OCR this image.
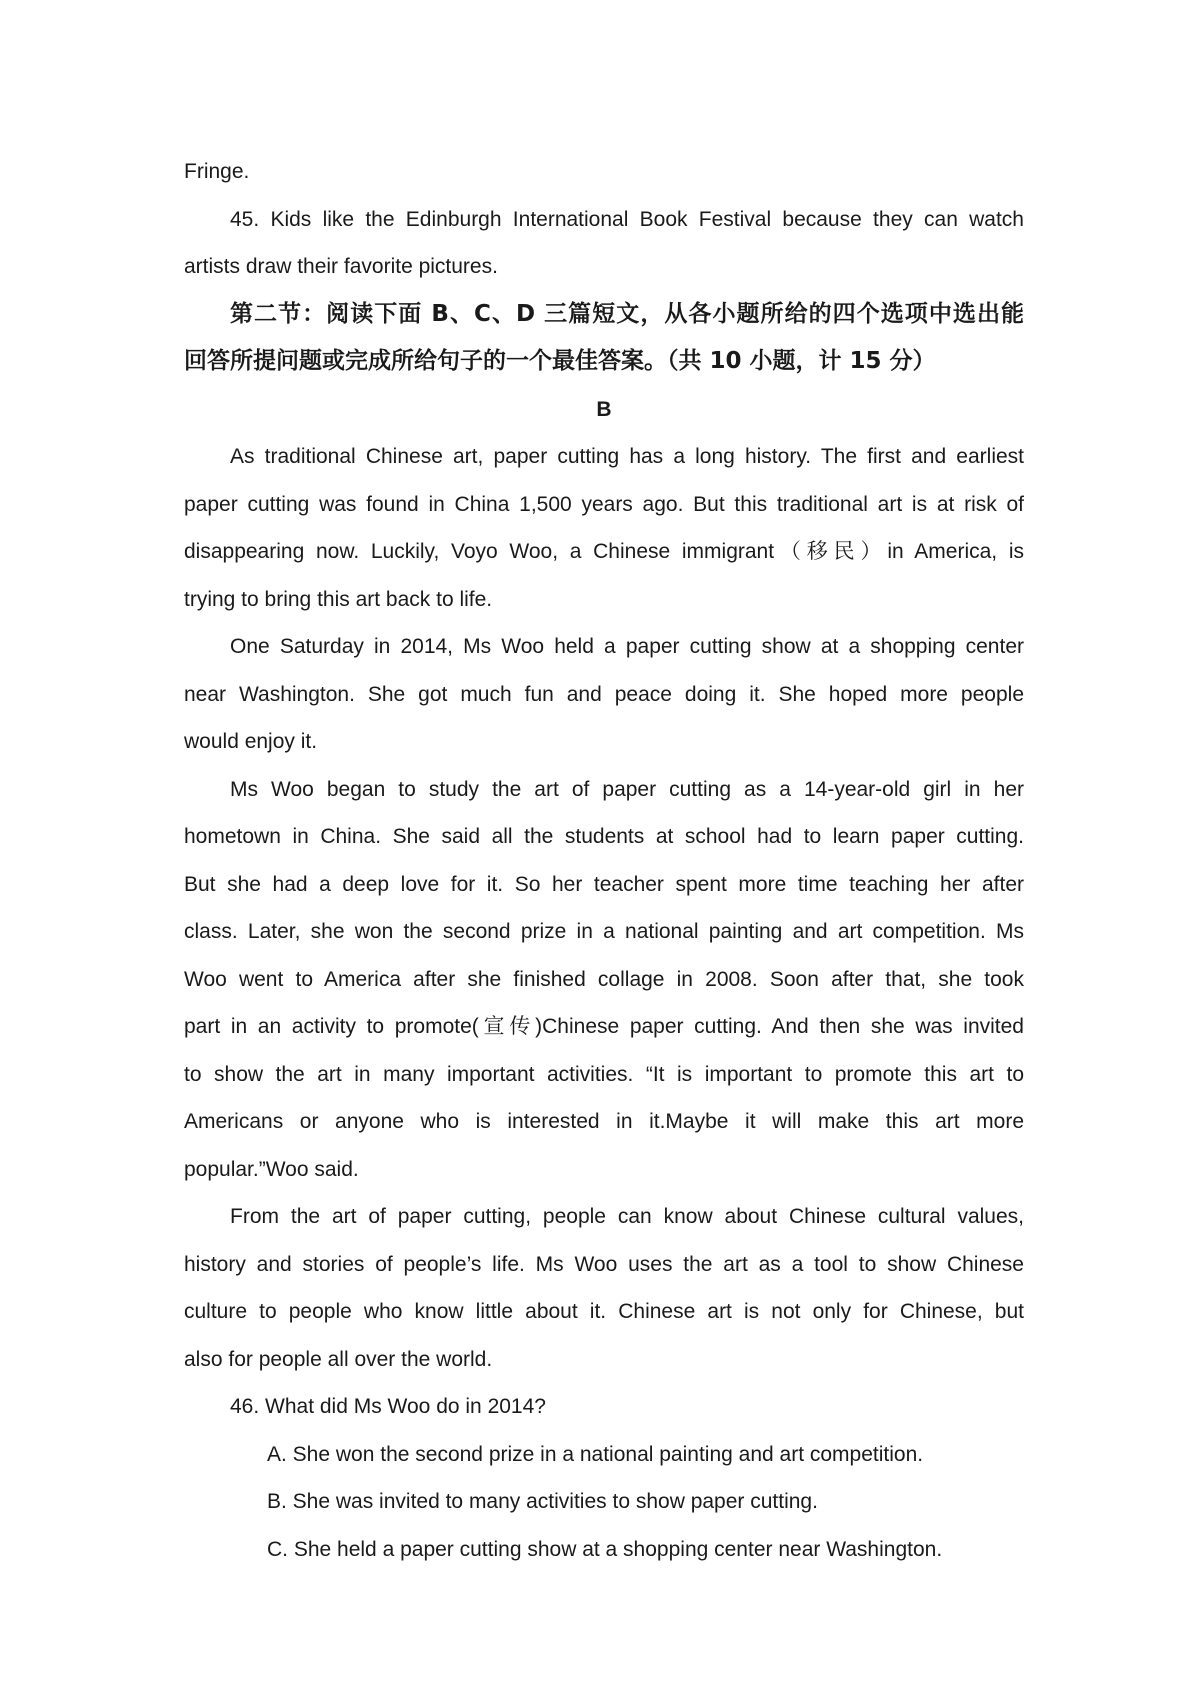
Fringe.

45. Kids like the Edinburgh International Book Festival because they can watch

artists draw their favorite pictures.

第二节：阅读下面 B、C、D 三篇短文，从各小题所给的四个选项中选出能

回答所提问题或完成所给句子的一个最佳答案。（共 10 小题，计 15 分）

B

As traditional Chinese art, paper cutting has a long history. The first and earliest

paper cutting was found in China 1,500 years ago. But this traditional art is at risk of

disappearing now. Luckily, Voyo Woo, a Chinese immigrant（移民）in America, is

trying to bring this art back to life.

One Saturday in 2014, Ms Woo held a paper cutting show at a shopping center

near Washington. She got much fun and peace doing it. She hoped more people

would enjoy it.

Ms Woo began to study the art of paper cutting as a 14-year-old girl in her

hometown in China. She said all the students at school had to learn paper cutting.

But she had a deep love for it. So her teacher spent more time teaching her after

class. Later, she won the second prize in a national painting and art competition. Ms

Woo went to America after she finished collage in 2008. Soon after that, she took

part in an activity to promote(宣传)Chinese paper cutting. And then she was invited

to show the art in many important activities. “It is important to promote this art to

Americans or anyone who is interested in it.Maybe it will make this art more

popular.”Woo said.

From the art of paper cutting, people can know about Chinese cultural values,

history and stories of people’s life. Ms Woo uses the art as a tool to show Chinese

culture to people who know little about it. Chinese art is not only for Chinese, but

also for people all over the world.

46. What did Ms Woo do in 2014?

A. She won the second prize in a national painting and art competition.

B. She was invited to many activities to show paper cutting.

C. She held a paper cutting show at a shopping center near Washington.
